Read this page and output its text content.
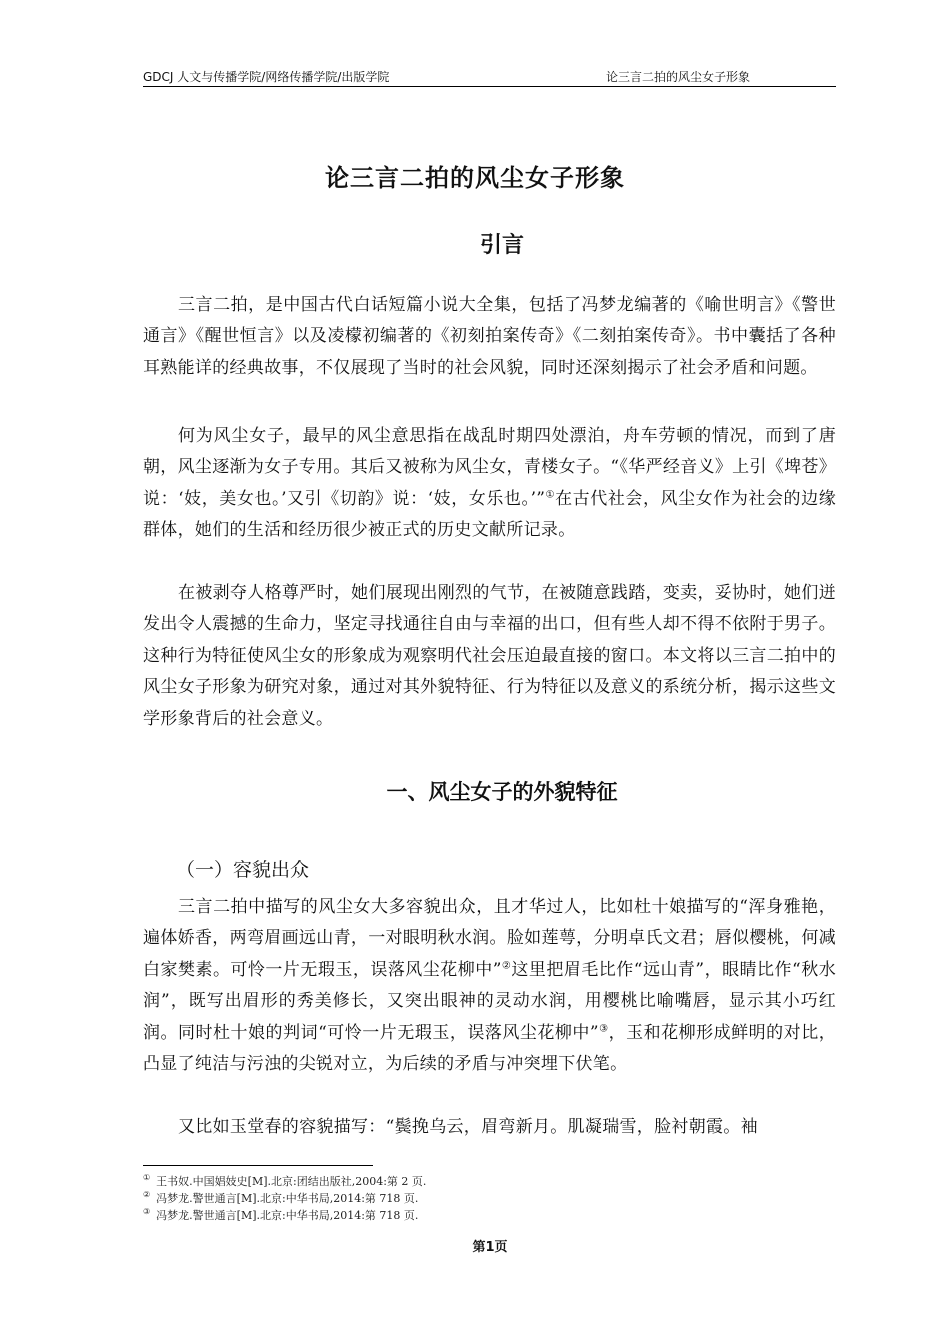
GDCJ 人文与传播学院/网络传播学院/出版学院	论三言二拍的风尘女子形象
论三言二拍的风尘女子形象
引言

三言二拍，是中国古代白话短篇小说大全集，包括了冯梦龙编著的《喻世明言》《警世通言》《醒世恒言》以及凌檬初编著的《初刻拍案传奇》《二刻拍案传奇》。书中囊括了各种耳熟能详的经典故事，不仅展现了当时的社会风貌，同时还深刻揭示了社会矛盾和问题。

何为风尘女子，最早的风尘意思指在战乱时期四处漂泊，舟车劳顿的情况，而到了唐朝，风尘逐渐为女子专用。其后又被称为风尘女，青楼女子。“《华严经音义》上引《埤苍》说：‘妓，美女也。’又引《切韵》说：‘妓，女乐也。’”①在古代社会，风尘女作为社会的边缘群体，她们的生活和经历很少被正式的历史文献所记录。

在被剥夺人格尊严时，她们展现出刚烈的气节，在被随意践踏，变卖，妥协时，她们迸发出令人震撼的生命力，坚定寻找通往自由与幸福的出口，但有些人却不得不依附于男子。这种行为特征使风尘女的形象成为观察明代社会压迫最直接的窗口。本文将以三言二拍中的风尘女子形象为研究对象，通过对其外貌特征、行为特征以及意义的系统分析，揭示这些文学形象背后的社会意义。

一、风尘女子的外貌特征
（一）容貌出众

三言二拍中描写的风尘女大多容貌出众，且才华过人，比如杜十娘描写的“浑身雅艳，遍体娇香，两弯眉画远山青，一对眼明秋水润。脸如莲萼，分明卓氏文君；唇似樱桃，何减白家樊素。可怜一片无瑕玉，误落风尘花柳中”②这里把眉毛比作“远山青”，眼睛比作“秋水润”，既写出眉形的秀美修长，又突出眼神的灵动水润，用樱桃比喻嘴唇，显示其小巧红润。同时杜十娘的判词“可怜一片无瑕玉，误落风尘花柳中”③，玉和花柳形成鲜明的对比，凸显了纯洁与污浊的尖锐对立，为后续的矛盾与冲突埋下伏笔。

又比如玉堂春的容貌描写：“鬓挽乌云，眉弯新月。肌凝瑞雪，脸衬朝霞。袖

① 王书奴.中国娼妓史[M].北京:团结出版社,2004:第 2 页.
② 冯梦龙.警世通言[M].北京:中华书局,2014:第 718 页.
③ 冯梦龙.警世通言[M].北京:中华书局,2014:第 718 页.
第1页
